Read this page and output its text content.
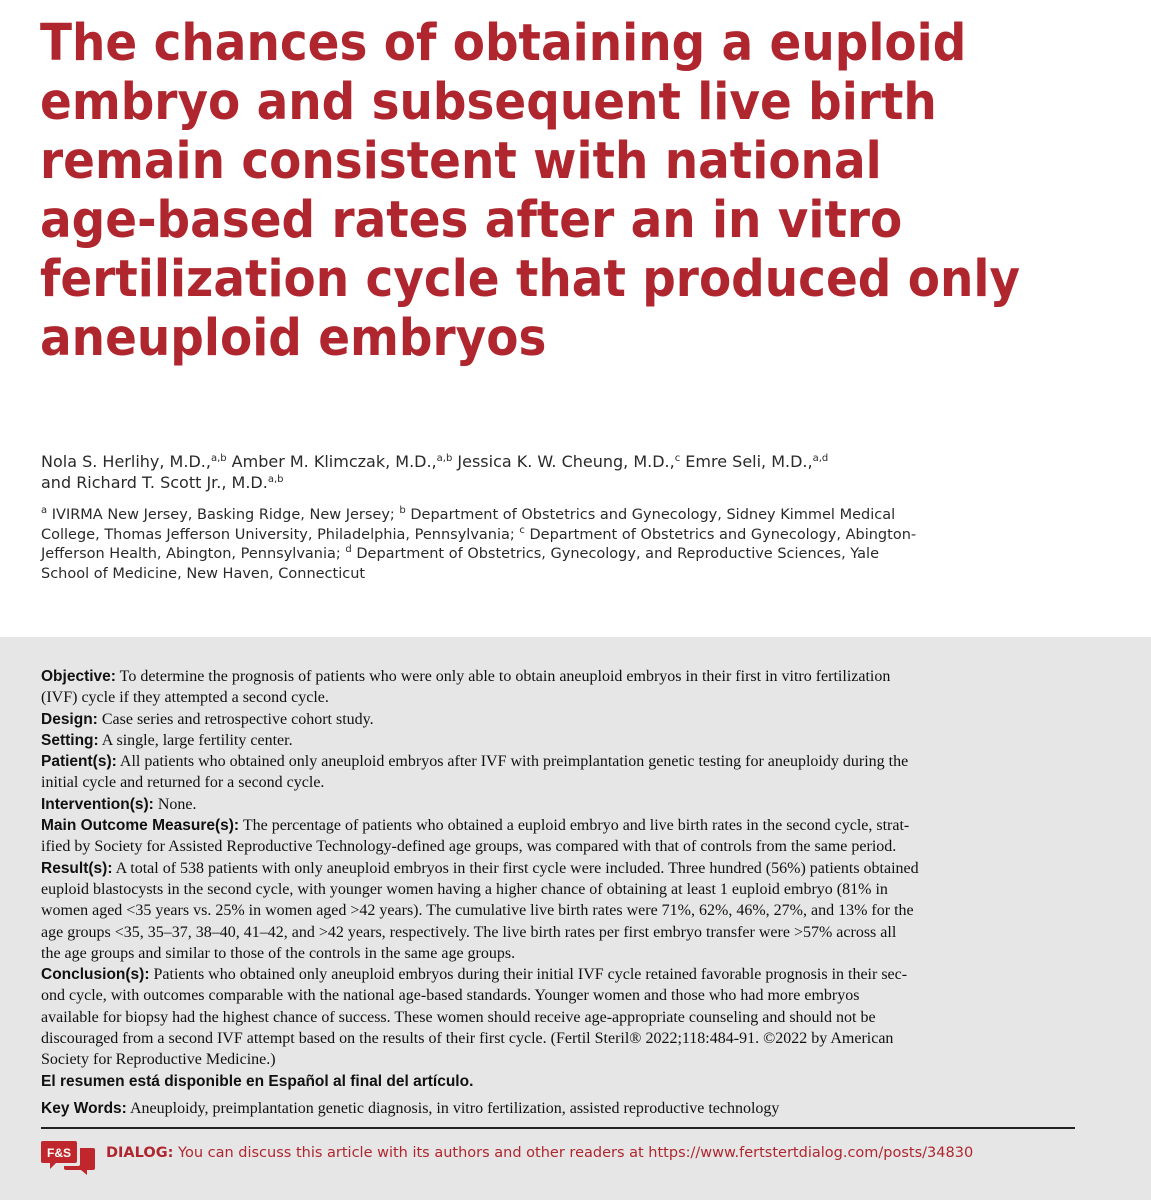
The chances of obtaining a euploid
embryo and subsequent live birth
remain consistent with national
age-based rates after an in vitro
fertilization cycle that produced only
aneuploid embryos
Nola S. Herlihy, M.D.,$^{a,b}$ Amber M. Klimczak, M.D.,$^{a,b}$ Jessica K. W. Cheung, M.D.,$^c$ Emre Seli, M.D.,$^{a,d}$
and Richard T. Scott Jr., M.D.$^{a,b}$
$^a$ IVIRMA New Jersey, Basking Ridge, New Jersey; $^b$ Department of Obstetrics and Gynecology, Sidney Kimmel Medical
College, Thomas Jefferson University, Philadelphia, Pennsylvania; $^c$ Department of Obstetrics and Gynecology, Abington-
Jefferson Health, Abington, Pennsylvania; $^d$ Department of Obstetrics, Gynecology, and Reproductive Sciences, Yale
School of Medicine, New Haven, Connecticut
Objective: To determine the prognosis of patients who were only able to obtain aneuploid embryos in their first in vitro fertilization
(IVF) cycle if they attempted a second cycle.
Design: Case series and retrospective cohort study.
Setting: A single, large fertility center.
Patient(s): All patients who obtained only aneuploid embryos after IVF with preimplantation genetic testing for aneuploidy during the
initial cycle and returned for a second cycle.
Intervention(s): None.
Main Outcome Measure(s): The percentage of patients who obtained a euploid embryo and live birth rates in the second cycle, strat-
ified by Society for Assisted Reproductive Technology-defined age groups, was compared with that of controls from the same period.
Result(s): A total of 538 patients with only aneuploid embryos in their first cycle were included. Three hundred (56%) patients obtained
euploid blastocysts in the second cycle, with younger women having a higher chance of obtaining at least 1 euploid embryo (81% in
women aged <35 years vs. 25% in women aged >42 years). The cumulative live birth rates were 71%, 62%, 46%, 27%, and 13% for the
age groups <35, 35–37, 38–40, 41–42, and >42 years, respectively. The live birth rates per first embryo transfer were >57% across all
the age groups and similar to those of the controls in the same age groups.
Conclusion(s): Patients who obtained only aneuploid embryos during their initial IVF cycle retained favorable prognosis in their sec-
ond cycle, with outcomes comparable with the national age-based standards. Younger women and those who had more embryos
available for biopsy had the highest chance of success. These women should receive age-appropriate counseling and should not be
discouraged from a second IVF attempt based on the results of their first cycle. (Fertil Steril® 2022;118:484-91. ©2022 by American
Society for Reproductive Medicine.)
El resumen está disponible en Español al final del artículo.
Key Words: Aneuploidy, preimplantation genetic diagnosis, in vitro fertilization, assisted reproductive technology
F&S DIALOG: You can discuss this article with its authors and other readers at https://www.fertstertdialog.com/posts/34830
